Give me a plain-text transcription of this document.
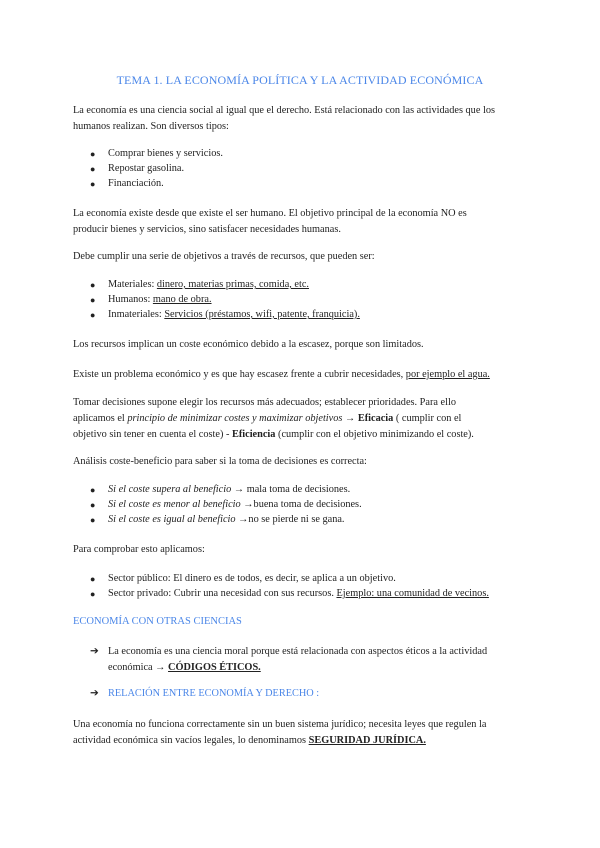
TEMA 1. LA ECONOMÍA POLÍTICA Y LA ACTIVIDAD ECONÓMICA

La economía es una ciencia social al igual que el derecho. Está relacionado con las actividades que los
humanos realizan. Son diversos tipos:

● Comprar bienes y servicios.
● Repostar gasolina.
● Financiación.

La economía existe desde que existe el ser humano. El objetivo principal de la economía NO es
producir bienes y servicios, sino satisfacer necesidades humanas.

Debe cumplir una serie de objetivos a través de recursos, que pueden ser:

● Materiales: dinero, materias primas, comida, etc.
● Humanos: mano de obra.
● Inmateriales: Servicios (préstamos, wifi, patente, franquicia).

Los recursos implican un coste económico debido a la escasez, porque son limitados.

Existe un problema económico y es que hay escasez frente a cubrir necesidades, por ejemplo el agua.

Tomar decisiones supone elegir los recursos más adecuados; establecer prioridades. Para ello
aplicamos el principio de minimizar costes y maximizar objetivos → Eficacia ( cumplir con el
objetivo sin tener en cuenta el coste) - Eficiencia (cumplir con el objetivo minimizando el coste).

Análisis coste-beneficio para saber si la toma de decisiones es correcta:

● Si el coste supera al beneficio → mala toma de decisiones.
● Si el coste es menor al beneficio →buena toma de decisiones.
● Si el coste es igual al beneficio →no se pierde ni se gana.

Para comprobar esto aplicamos:

● Sector público: El dinero es de todos, es decir, se aplica a un objetivo.
● Sector privado: Cubrir una necesidad con sus recursos. Ejemplo: una comunidad de vecinos.
ECONOMÍA CON OTRAS CIENCIAS
➔ La economía es una ciencia moral porque está relacionada con aspectos éticos a la actividad
económica → CÓDIGOS ÉTICOS.
➔ RELACIÓN ENTRE ECONOMÍA Y DERECHO :

Una economía no funciona correctamente sin un buen sistema jurídico; necesita leyes que regulen la
actividad económica sin vacíos legales, lo denominamos SEGURIDAD JURÍDICA.
